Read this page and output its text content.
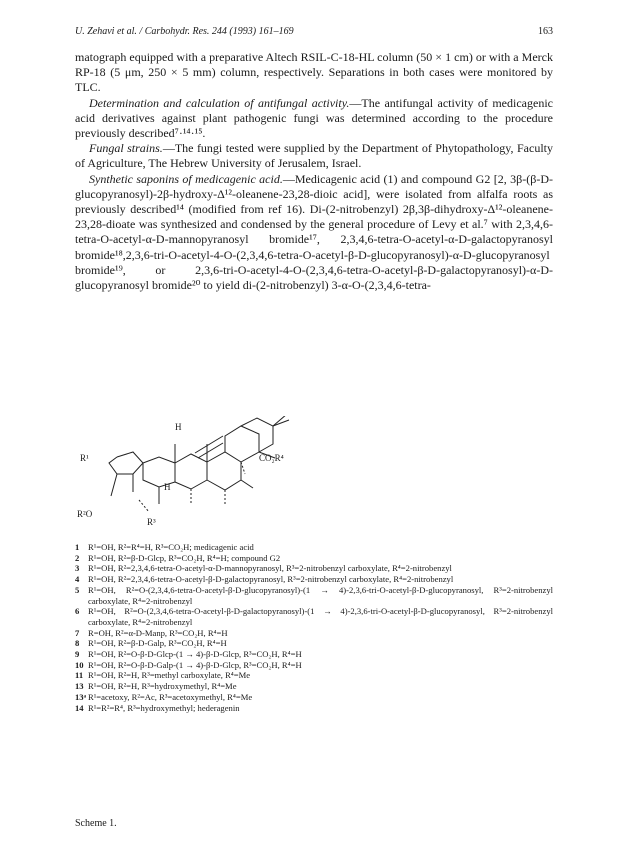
U. Zehavi et al. / Carbohydr. Res. 244 (1993) 161–169	163

matograph equipped with a preparative Altech RSIL-C-18-HL column (50 × 1 cm) or with a Merck RP-18 (5 μm, 250 × 5 mm) column, respectively. Separations in both cases were monitored by TLC.

Determination and calculation of antifungal activity.—The antifungal activity of medicagenic acid derivatives against plant pathogenic fungi was determined according to the procedure previously described⁷·¹⁴·¹⁵.

Fungal strains.—The fungi tested were supplied by the Department of Phytopathology, Faculty of Agriculture, The Hebrew University of Jerusalem, Israel.

Synthetic saponins of medicagenic acid.—Medicagenic acid (1) and compound G2 [2, 3β-(β-D-glucopyranosyl)-2β-hydroxy-Δ¹²-oleanene-23,28-dioic acid], were isolated from alfalfa roots as previously described¹⁴ (modified from ref 16). Di-(2-nitrobenzyl) 2β,3β-dihydroxy-Δ¹²-oleanene-23,28-dioate was synthesized and condensed by the general procedure of Levy et al.⁷ with 2,3,4,6-tetra-O-acetyl-α-D-mannopyranosyl bromide¹⁷, 2,3,4,6-tetra-O-acetyl-α-D-galactopyranosyl bromide¹⁸,2,3,6-tri-O-acetyl-4-O-(2,3,4,6-tetra-O-acetyl-β-D-glucopyranosyl)-α-D-glucopyranosyl bromide¹⁹, or 2,3,6-tri-O-acetyl-4-O-(2,3,4,6-tetra-O-acetyl-β-D-galactopyranosyl)-α-D-glucopyranosyl bromide²⁰ to yield di-(2-nitrobenzyl) 3-α-O-(2,3,4,6-tetra-

H
CO₂R⁴
R¹
H
R²O
R³
1	R¹=OH, R²=R⁴=H, R³=CO₂H; medicagenic acid
2	R¹=OH, R²=β-D-Glcp, R³=CO₂H, R⁴=H; compound G2
3	R¹=OH, R²=2,3,4,6-tetra-O-acetyl-α-D-mannopyranosyl, R³=2-nitrobenzyl carboxylate, R⁴=2-nitrobenzyl
4	R¹=OH, R²=2,3,4,6-tetra-O-acetyl-β-D-galactopyranosyl, R³=2-nitrobenzyl carboxylate, R⁴=2-nitrobenzyl
5	R¹=OH, R²=O-(2,3,4,6-tetra-O-acetyl-β-D-glucopyranosyl)-(1 → 4)-2,3,6-tri-O-acetyl-β-D-glucopyranosyl, R³=2-nitrobenzyl carboxylate, R⁴=2-nitrobenzyl
6	R¹=OH, R²=O-(2,3,4,6-tetra-O-acetyl-β-D-galactopyranosyl)-(1 → 4)-2,3,6-tri-O-acetyl-β-D-glucopyranosyl, R³=2-nitrobenzyl carboxylate, R⁴=2-nitrobenzyl
7	R=OH, R²=α-D-Manp, R³=CO₂H, R⁴=H
8	R¹=OH, R²=β-D-Galp, R³=CO₂H, R⁴=H
9	R¹=OH, R²=O-β-D-Glcp-(1 → 4)-β-D-Glcp, R³=CO₂H, R⁴=H
10 R¹=OH, R²=O-β-D-Galp-(1 → 4)-β-D-Glcp, R³=CO₂H, R⁴=H
11 R¹=OH, R²=H, R³=methyl carboxylate, R⁴=Me
13 R¹=OH, R²=H, R³=hydroxymethyl, R⁴=Me
13ᵃ R¹=acetoxy, R²=Ac, R³=acetoxymethyl, R⁴=Me
14 R¹=R²=R⁴, R³=hydroxymethyl; hederagenin
Scheme 1.
